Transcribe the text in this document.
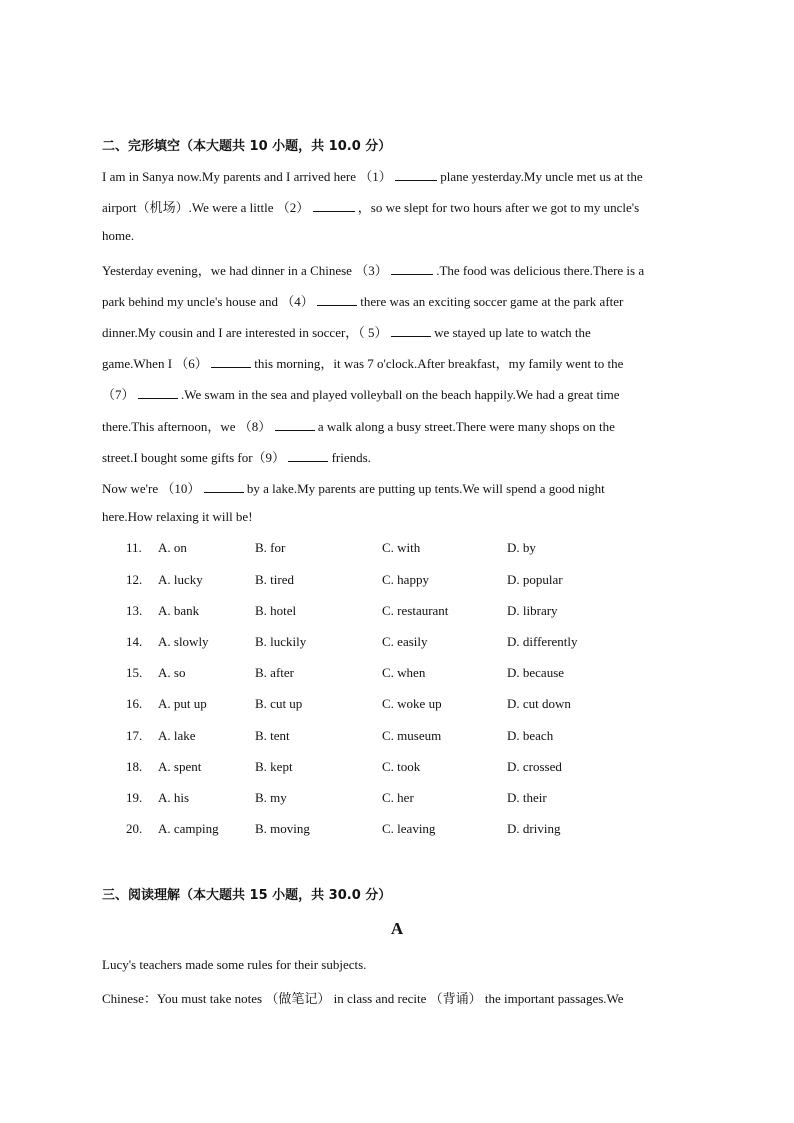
二、完形填空（本大题共 10 小题，共 10.0 分）
I am in Sanya now.My parents and I arrived here （1）	plane yesterday.My uncle met us at the
airport（机场）.We were a little （2）	，so we slept for two hours after we got to my uncle's
home.
Yesterday evening，we had dinner in a Chinese （3）	.The food was delicious there.There is a
park behind my uncle's house and （4）	there was an exciting soccer game at the park after
dinner.My cousin and I are interested in soccer，（ 5）	we stayed up late to watch the
game.When I （6）	this morning，it was 7 o'clock.After breakfast，my family went to the
（7）	.We swam in the sea and played volleyball on the beach happily.We had a great time
there.This afternoon，we （8）	a walk along a busy street.There were many shops on the
street.I bought some gifts for（9）	friends.
Now we're （10）	by a lake.My parents are putting up tents.We will spend a good night
here.How relaxing it will be!
11. A. on	B. for	C. with	D. by
12. A. lucky	B. tired	C. happy	D. popular
13. A. bank	B. hotel	C. restaurant	D. library
14. A. slowly	B. luckily	C. easily	D. differently
15. A. so	B. after	C. when	D. because
16. A. put up	B. cut up	C. woke up	D. cut down
17. A. lake	B. tent	C. museum	D. beach
18. A. spent	B. kept	C. took	D. crossed
19. A. his	B. my	C. her	D. their
20. A. camping	B. moving	C. leaving	D. driving
三、阅读理解（本大题共 15 小题，共 30.0 分）
A
Lucy's teachers made some rules for their subjects.
Chinese：You must take notes （做笔记） in class and recite （背诵） the important passages.We
